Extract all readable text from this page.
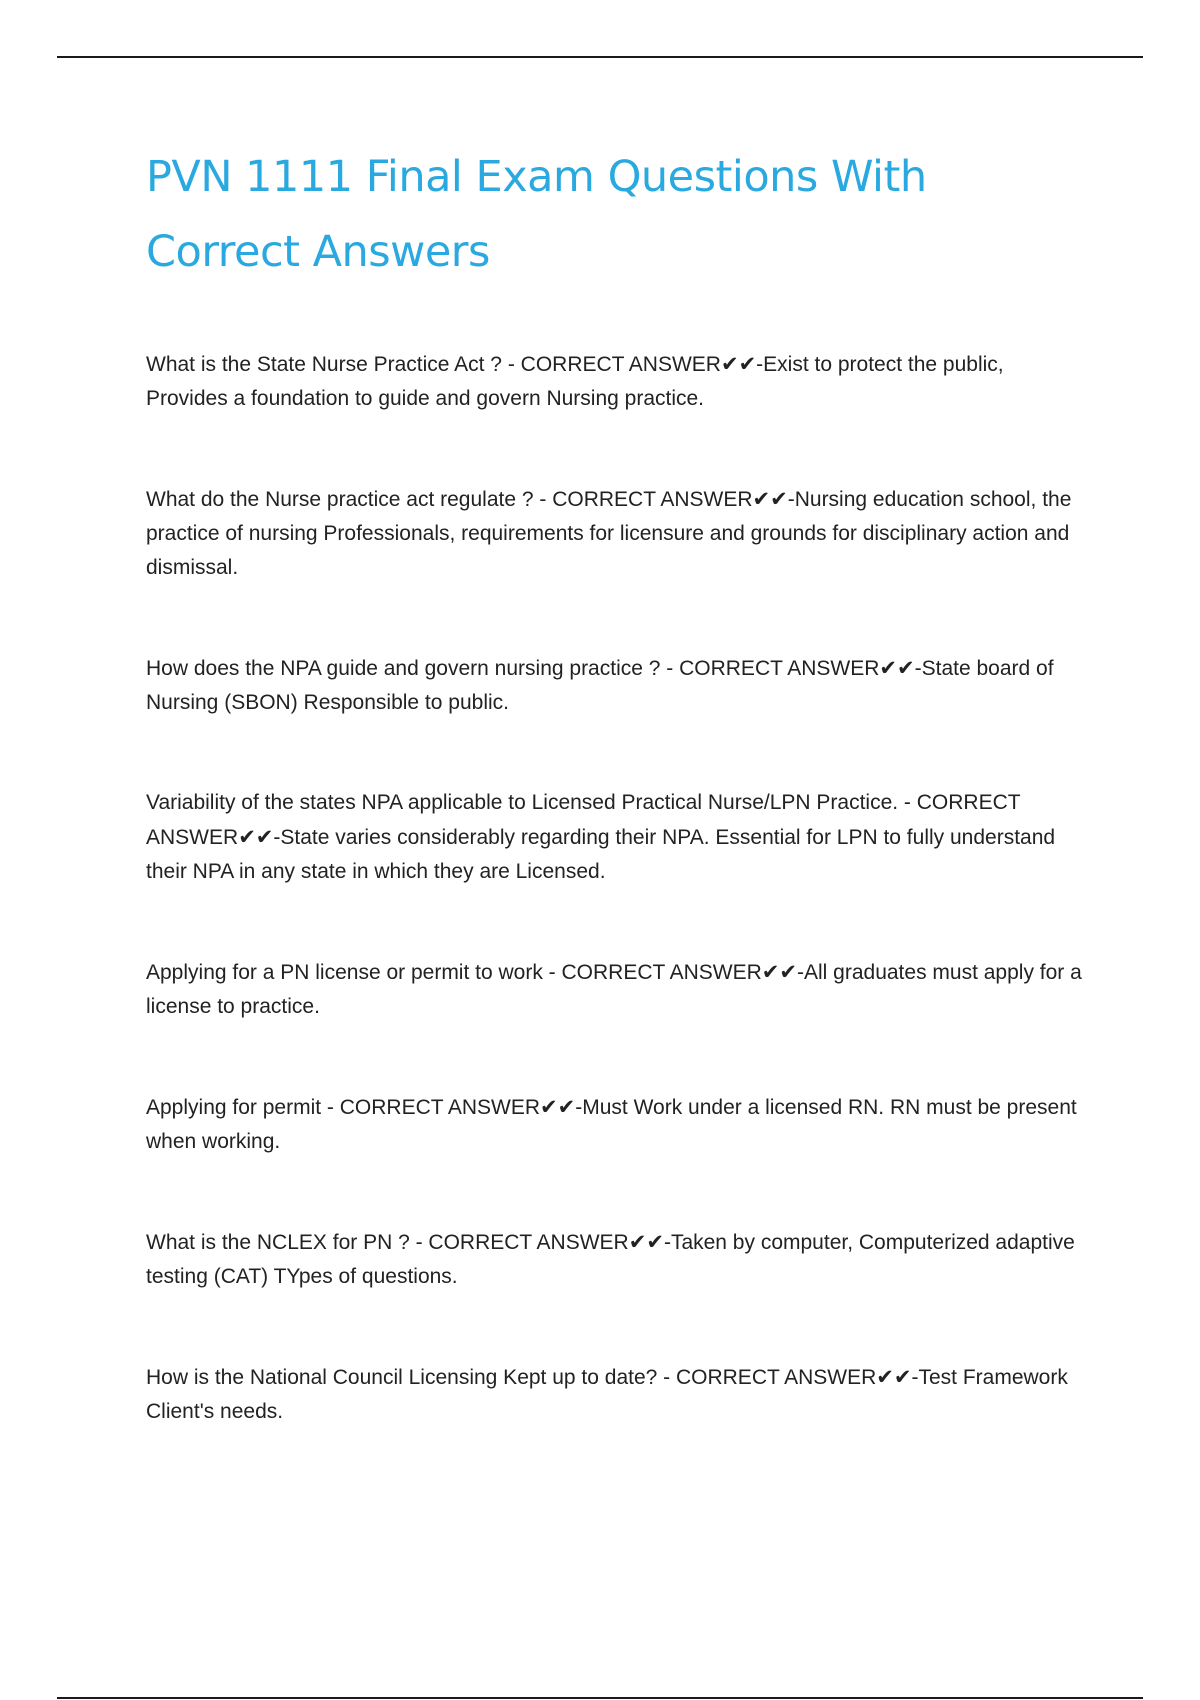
PVN 1111 Final Exam Questions With Correct Answers
What is the State Nurse Practice Act ? - CORRECT ANSWER✔✔-Exist to protect the public, Provides a foundation to guide and govern Nursing practice.
What do the Nurse practice act regulate ? - CORRECT ANSWER✔✔-Nursing education school, the practice of nursing Professionals, requirements for licensure and grounds for disciplinary action and dismissal.
How does the NPA guide and govern nursing practice ? - CORRECT ANSWER✔✔-State board of Nursing (SBON) Responsible to public.
Variability of the states NPA applicable to Licensed Practical Nurse/LPN Practice. - CORRECT ANSWER✔✔-State varies considerably regarding their NPA. Essential for LPN to fully understand their NPA in any state in which they are Licensed.
Applying for a PN license or permit to work - CORRECT ANSWER✔✔-All graduates must apply for a license to practice.
Applying for permit - CORRECT ANSWER✔✔-Must Work under a licensed RN. RN must be present when working.
What is the NCLEX for PN ? - CORRECT ANSWER✔✔-Taken by computer, Computerized adaptive testing (CAT) TYpes of questions.
How is the National Council Licensing Kept up to date? - CORRECT ANSWER✔✔-Test Framework Client's needs.
